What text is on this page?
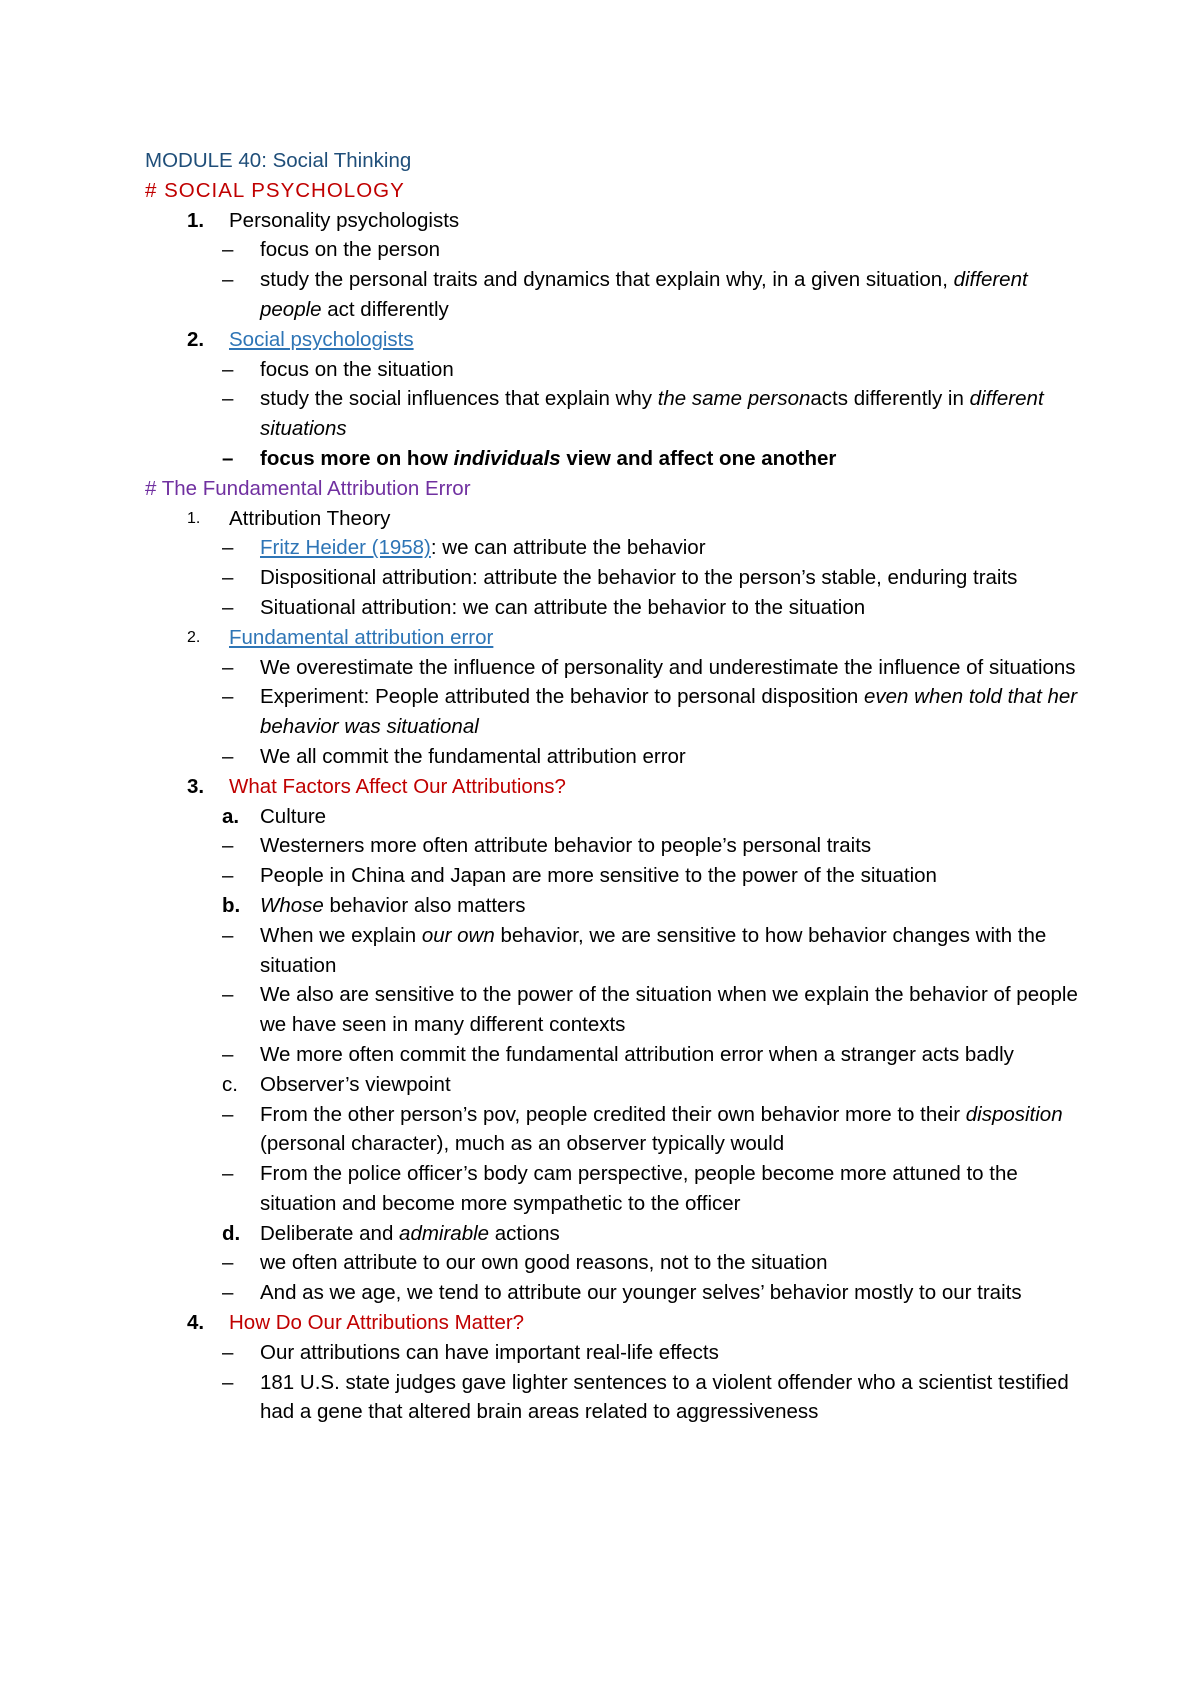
MODULE 40: Social Thinking
# SOCIAL PSYCHOLOGY
1.	Personality psychologists
– focus on the person
– study the personal traits and dynamics that explain why, in a given situation, different people act differently
2.	Social psychologists
– focus on the situation
– study the social influences that explain why the same personacts differently in different situations
– focus more on how individuals view and affect one another
# The Fundamental Attribution Error
1.	Attribution Theory
– Fritz Heider (1958): we can attribute the behavior
– Dispositional attribution: attribute the behavior to the person’s stable, enduring traits
– Situational attribution: we can attribute the behavior to the situation
2.	Fundamental attribution error
– We overestimate the influence of personality and underestimate the influence of situations
– Experiment: People attributed the behavior to personal disposition even when told that her behavior was situational
– We all commit the fundamental attribution error
3.	What Factors Affect Our Attributions?
a. Culture
– Westerners more often attribute behavior to people’s personal traits
– People in China and Japan are more sensitive to the power of the situation
b. Whose behavior also matters
– When we explain our own behavior, we are sensitive to how behavior changes with the situation
– We also are sensitive to the power of the situation when we explain the behavior of people we have seen in many different contexts
– We more often commit the fundamental attribution error when a stranger acts badly
c. Observer’s viewpoint
– From the other person’s pov, people credited their own behavior more to their disposition (personal character), much as an observer typically would
– From the police officer’s body cam perspective, people become more attuned to the situation and become more sympathetic to the officer
d. Deliberate and admirable actions
– we often attribute to our own good reasons, not to the situation
– And as we age, we tend to attribute our younger selves’ behavior mostly to our traits
4.	How Do Our Attributions Matter?
– Our attributions can have important real-life effects
– 181 U.S. state judges gave lighter sentences to a violent offender who a scientist testified had a gene that altered brain areas related to aggressiveness
